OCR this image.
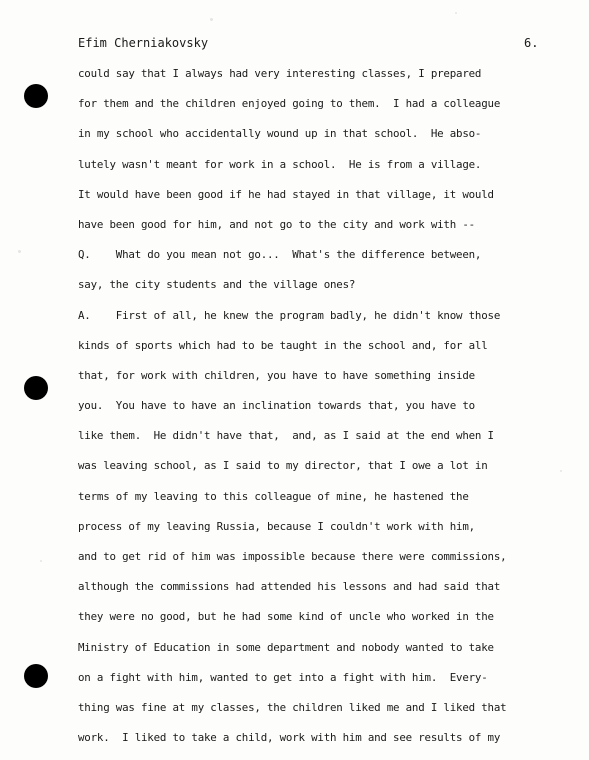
Efim Cherniakovsky	6.
could say that I always had very interesting classes, I prepared
for them and the children enjoyed going to them.  I had a colleague
in my school who accidentally wound up in that school.  He abso-
lutely wasn't meant for work in a school.  He is from a village.
It would have been good if he had stayed in that village, it would
have been good for him, and not go to the city and work with --
Q.    What do you mean not go...  What's the difference between,
say, the city students and the village ones?
A.    First of all, he knew the program badly, he didn't know those
kinds of sports which had to be taught in the school and, for all
that, for work with children, you have to have something inside
you.  You have to have an inclination towards that, you have to
like them.  He didn't have that,  and, as I said at the end when I
was leaving school, as I said to my director, that I owe a lot in
terms of my leaving to this colleague of mine, he hastened the
process of my leaving Russia, because I couldn't work with him,
and to get rid of him was impossible because there were commissions,
although the commissions had attended his lessons and had said that
they were no good, but he had some kind of uncle who worked in the
Ministry of Education in some department and nobody wanted to take
on a fight with him, wanted to get into a fight with him.  Every-
thing was fine at my classes, the children liked me and I liked that
work.  I liked to take a child, work with him and see results of my
